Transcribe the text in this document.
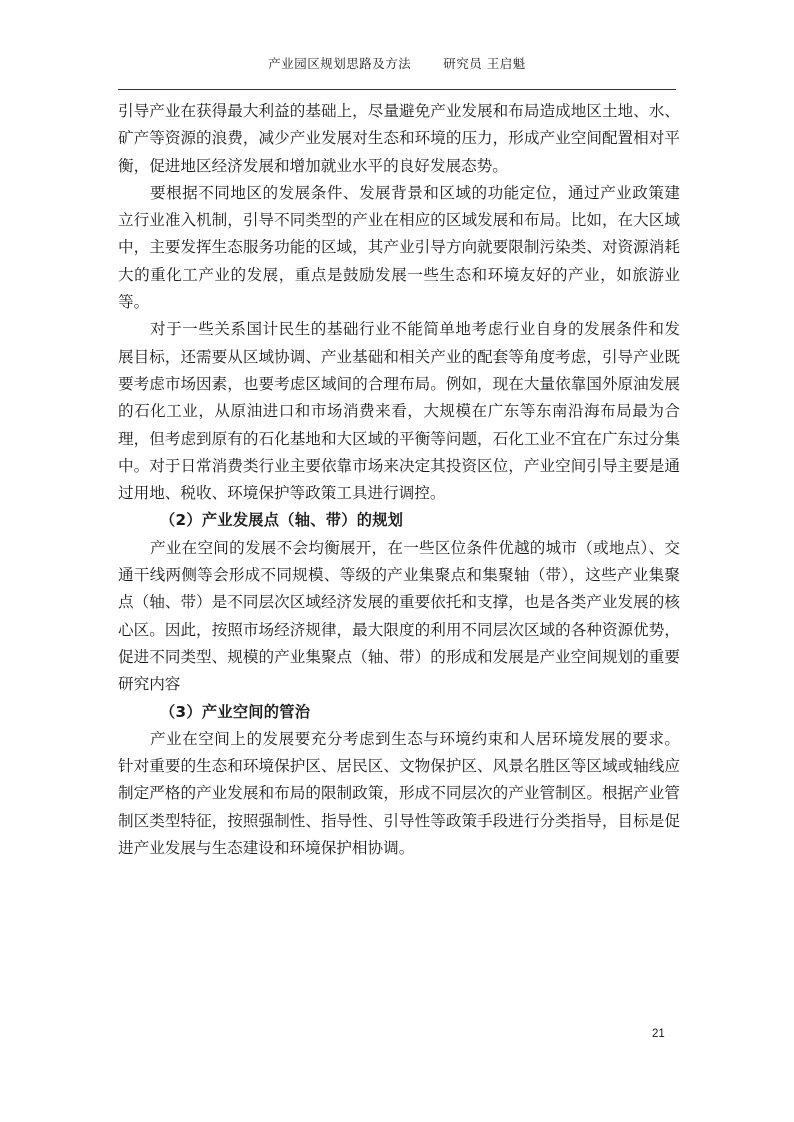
产业园区规划思路及方法	研究员 王启魁

引导产业在获得最大利益的基础上，尽量避免产业发展和布局造成地区土地、水、矿产等资源的浪费，减少产业发展对生态和环境的压力，形成产业空间配置相对平衡，促进地区经济发展和增加就业水平的良好发展态势。

要根据不同地区的发展条件、发展背景和区域的功能定位，通过产业政策建立行业准入机制，引导不同类型的产业在相应的区域发展和布局。比如，在大区域中，主要发挥生态服务功能的区域，其产业引导方向就要限制污染类、对资源消耗大的重化工产业的发展，重点是鼓励发展一些生态和环境友好的产业，如旅游业等。

对于一些关系国计民生的基础行业不能简单地考虑行业自身的发展条件和发展目标，还需要从区域协调、产业基础和相关产业的配套等角度考虑，引导产业既要考虑市场因素，也要考虑区域间的合理布局。例如，现在大量依靠国外原油发展的石化工业，从原油进口和市场消费来看，大规模在广东等东南沿海布局最为合理，但考虑到原有的石化基地和大区域的平衡等问题，石化工业不宜在广东过分集中。对于日常消费类行业主要依靠市场来决定其投资区位，产业空间引导主要是通过用地、税收、环境保护等政策工具进行调控。

（2）产业发展点（轴、带）的规划

产业在空间的发展不会均衡展开，在一些区位条件优越的城市（或地点）、交通干线两侧等会形成不同规模、等级的产业集聚点和集聚轴（带），这些产业集聚点（轴、带）是不同层次区域经济发展的重要依托和支撑，也是各类产业发展的核心区。因此，按照市场经济规律，最大限度的利用不同层次区域的各种资源优势，促进不同类型、规模的产业集聚点（轴、带）的形成和发展是产业空间规划的重要研究内容

（3）产业空间的管治

产业在空间上的发展要充分考虑到生态与环境约束和人居环境发展的要求。针对重要的生态和环境保护区、居民区、文物保护区、风景名胜区等区域或轴线应制定严格的产业发展和布局的限制政策，形成不同层次的产业管制区。根据产业管制区类型特征，按照强制性、指导性、引导性等政策手段进行分类指导，目标是促进产业发展与生态建设和环境保护相协调。

21
